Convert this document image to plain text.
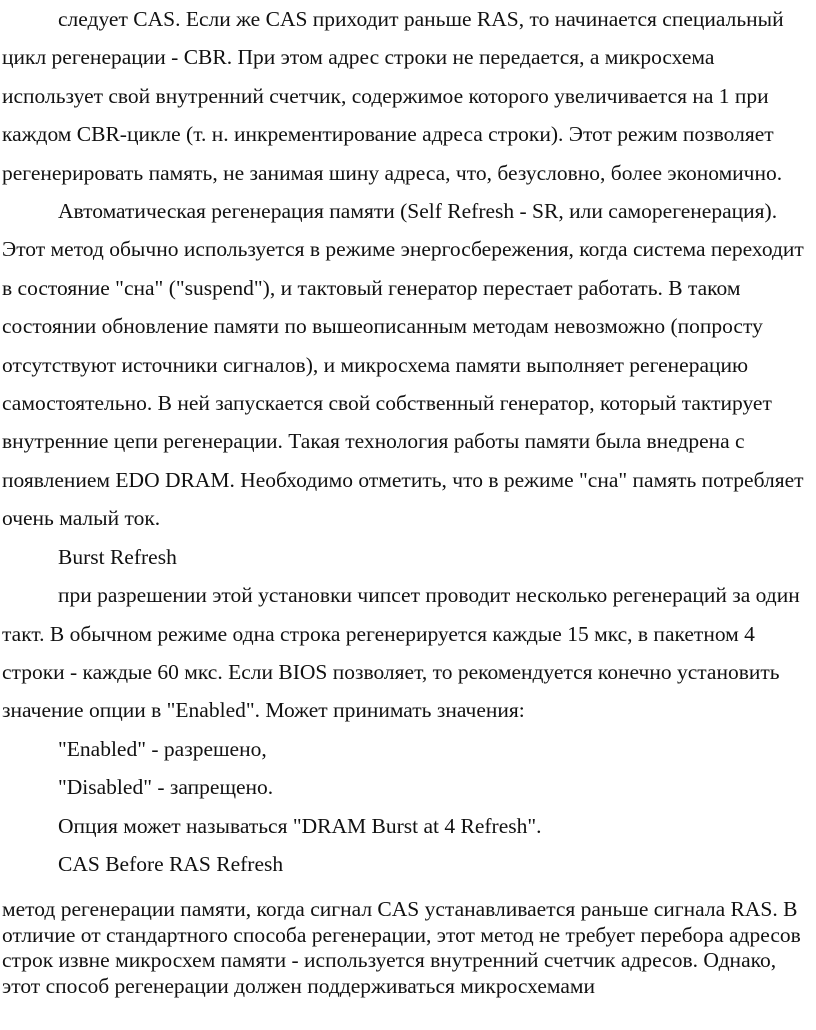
следует CAS. Если же CAS приходит раньше RAS, то начинается специальный цикл регенерации - CBR. При этом адрес строки не передается, а микросхема использует свой внутренний счетчик, содержимое которого увеличивается на 1 при каждом CBR-цикле (т. н. инкрементирование адреса строки). Этот режим позволяет регенерировать память, не занимая шину адреса, что, безусловно, более экономично.

Автоматическая регенерация памяти (Self Refresh - SR, или саморегенерация). Этот метод обычно используется в режиме энергосбережения, когда система переходит в состояние "сна" ("suspend"), и тактовый генератор перестает работать. В таком состоянии обновление памяти по вышеописанным методам невозможно (попросту отсутствуют источники сигналов), и микросхема памяти выполняет регенерацию самостоятельно. В ней запускается свой собственный генератор, который тактирует внутренние цепи регенерации. Такая технология работы памяти была внедрена с появлением EDO DRAM. Необходимо отметить, что в режиме "сна" память потребляет очень малый ток.

Burst Refresh

при разрешении этой установки чипсет проводит несколько регенераций за один такт. В обычном режиме одна строка регенерируется каждые 15 мкс, в пакетном 4 строки - каждые 60 мкс. Если BIOS позволяет, то рекомендуется конечно установить значение опции в "Enabled". Может принимать значения:

"Enabled" - разрешено,

"Disabled" - запрещено.

Опция может называться "DRAM Burst at 4 Refresh".

CAS Before RAS Refresh

метод регенерации памяти, когда сигнал CAS устанавливается раньше сигнала RAS. В отличие от стандартного способа регенерации, этот метод не требует перебора адресов строк извне микросхем памяти - используется внутренний счетчик адресов. Однако, этот способ регенерации должен поддерживаться микросхемами
